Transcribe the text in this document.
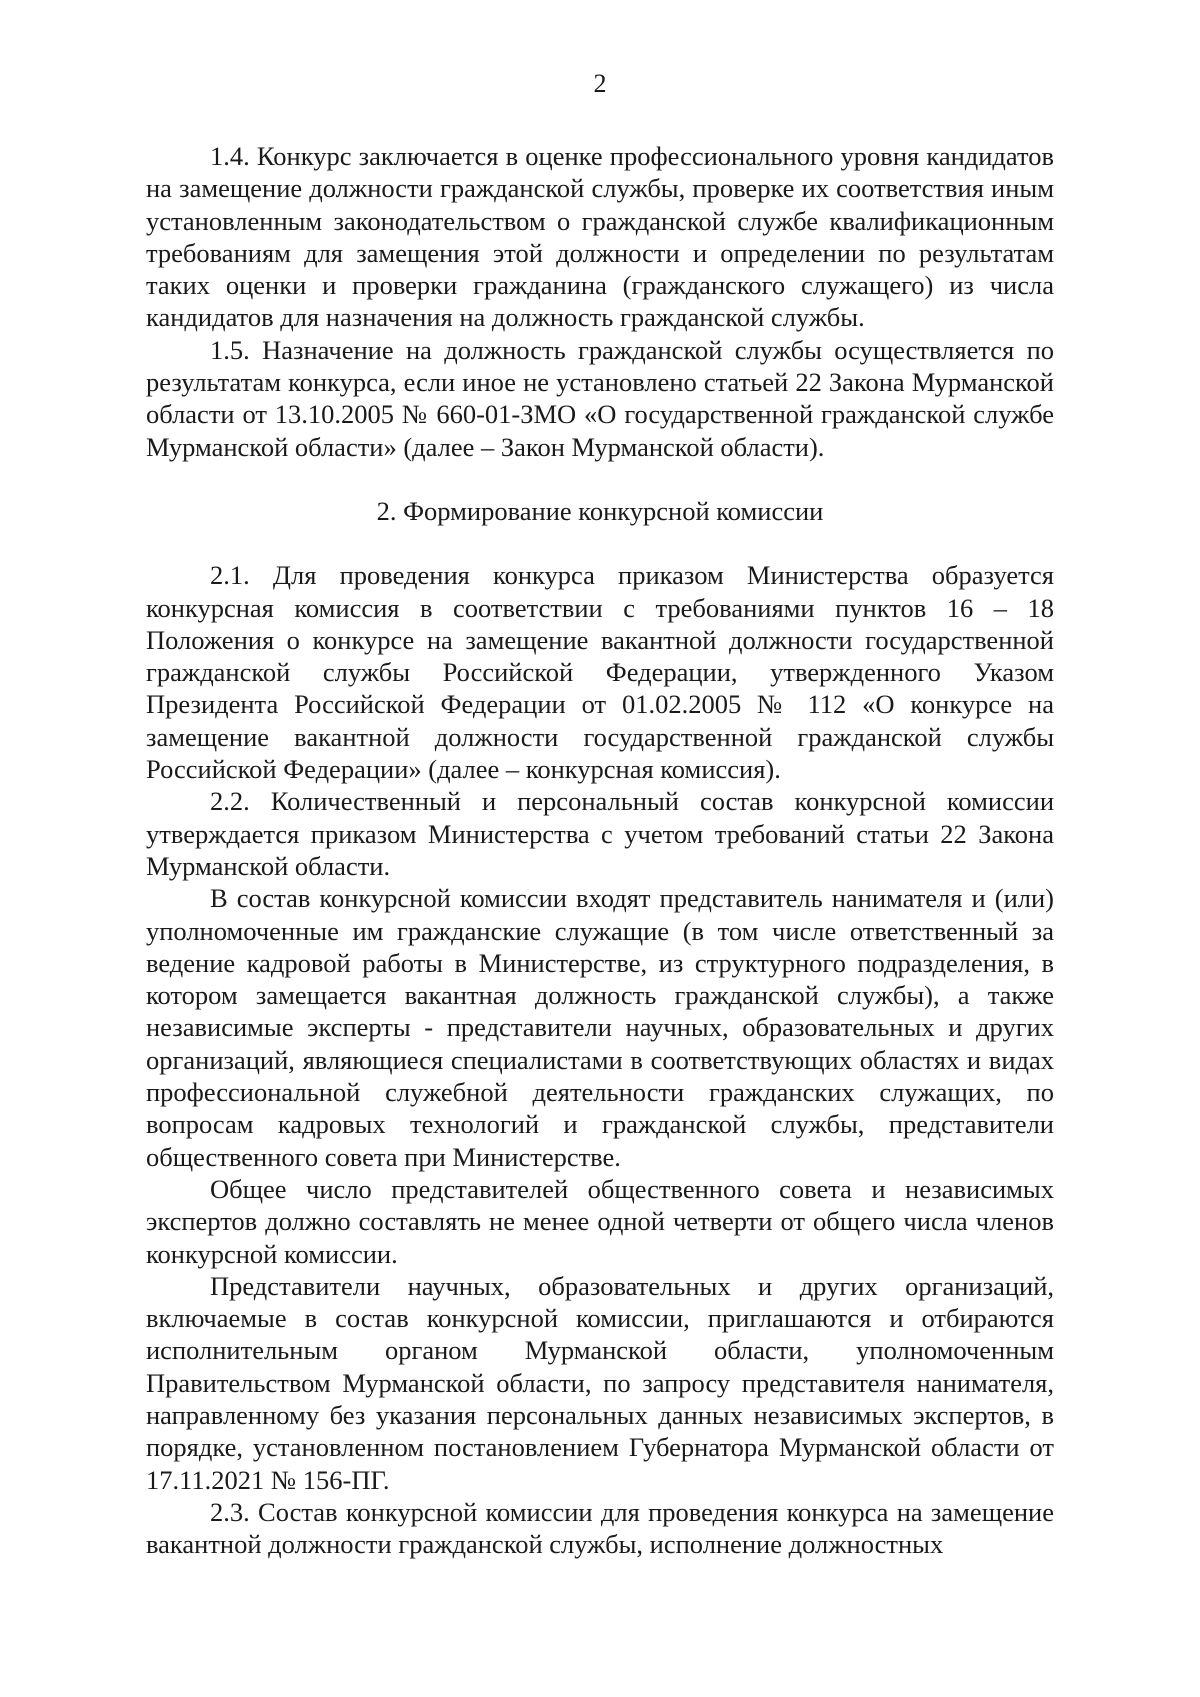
2

1.4. Конкурс заключается в оценке профессионального уровня кандидатов на замещение должности гражданской службы, проверке их соответствия иным установленным законодательством о гражданской службе квалификационным требованиям для замещения этой должности и определении по результатам таких оценки и проверки гражданина (гражданского служащего) из числа кандидатов для назначения на должность гражданской службы.

1.5. Назначение на должность гражданской службы осуществляется по результатам конкурса, если иное не установлено статьей 22 Закона Мурманской области от 13.10.2005 № 660-01-ЗМО «О государственной гражданской службе Мурманской области» (далее – Закон Мурманской области).

2. Формирование конкурсной комиссии

2.1. Для проведения конкурса приказом Министерства образуется конкурсная комиссия в соответствии с требованиями пунктов 16 – 18 Положения о конкурсе на замещение вакантной должности государственной гражданской службы Российской Федерации, утвержденного Указом Президента Российской Федерации от 01.02.2005 № 112 «О конкурсе на замещение вакантной должности государственной гражданской службы Российской Федерации» (далее – конкурсная комиссия).

2.2. Количественный и персональный состав конкурсной комиссии утверждается приказом Министерства с учетом требований статьи 22 Закона Мурманской области.

В состав конкурсной комиссии входят представитель нанимателя и (или) уполномоченные им гражданские служащие (в том числе ответственный за ведение кадровой работы в Министерстве, из структурного подразделения, в котором замещается вакантная должность гражданской службы), а также независимые эксперты - представители научных, образовательных и других организаций, являющиеся специалистами в соответствующих областях и видах профессиональной служебной деятельности гражданских служащих, по вопросам кадровых технологий и гражданской службы, представители общественного совета при Министерстве.

Общее число представителей общественного совета и независимых экспертов должно составлять не менее одной четверти от общего числа членов конкурсной комиссии.

Представители научных, образовательных и других организаций, включаемые в состав конкурсной комиссии, приглашаются и отбираются исполнительным органом Мурманской области, уполномоченным Правительством Мурманской области, по запросу представителя нанимателя, направленному без указания персональных данных независимых экспертов, в порядке, установленном постановлением Губернатора Мурманской области от 17.11.2021 № 156-ПГ.

2.3. Состав конкурсной комиссии для проведения конкурса на замещение вакантной должности гражданской службы, исполнение должностных
